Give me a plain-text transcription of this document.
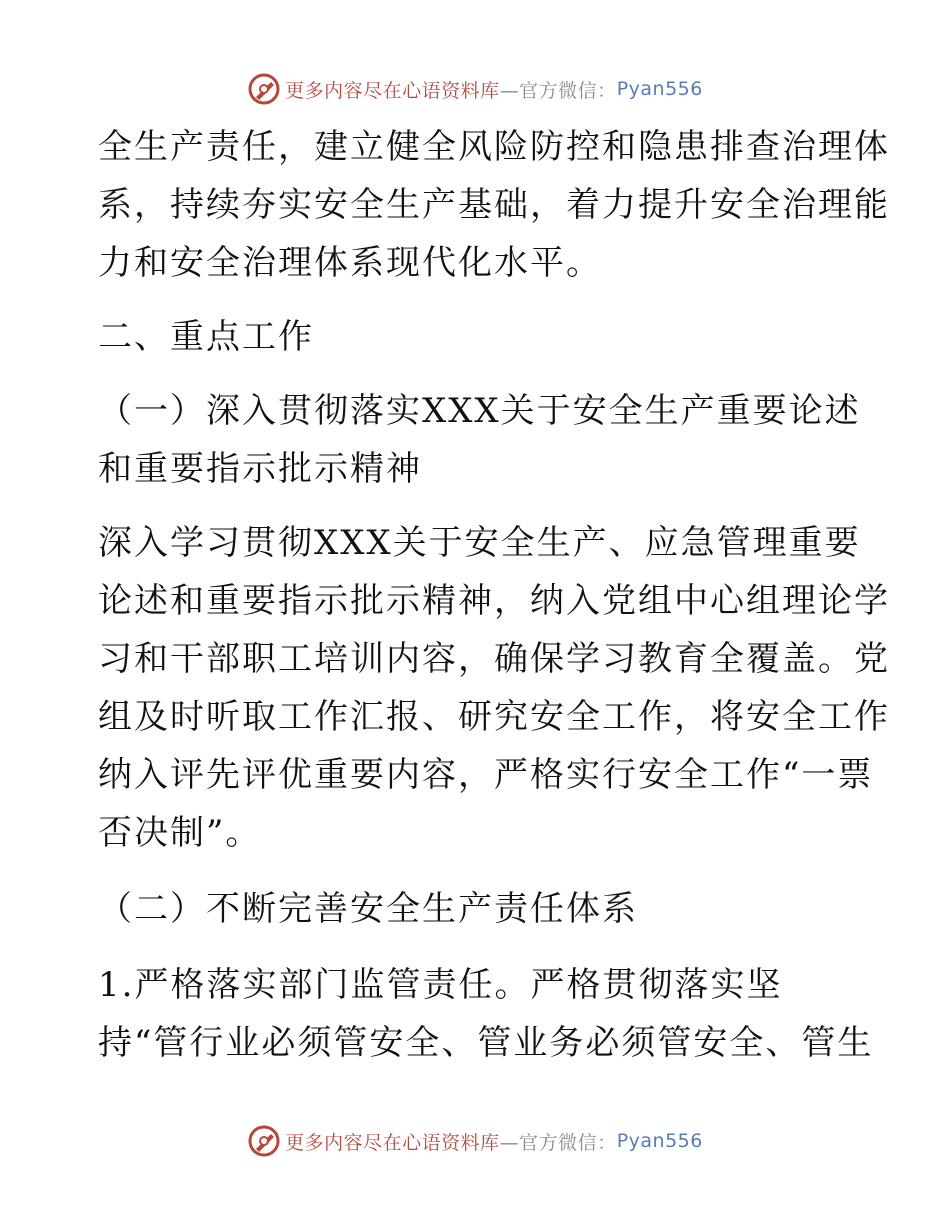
更多内容尽在心语资料库 —官方微信： Pyan556
全生产责任，建立健全风险防控和隐患排查治理体
系，持续夯实安全生产基础，着力提升安全治理能
力和安全治理体系现代化水平。
二、重点工作
（一）深入贯彻落实XXX关于安全生产重要论述
和重要指示批示精神
深入学习贯彻XXX关于安全生产、应急管理重要
论述和重要指示批示精神，纳入党组中心组理论学
习和干部职工培训内容，确保学习教育全覆盖。党
组及时听取工作汇报、研究安全工作，将安全工作
纳入评先评优重要内容，严格实行安全工作“一票
否决制”。
（二）不断完善安全生产责任体系
1.严格落实部门监管责任。严格贯彻落实坚
持“管行业必须管安全、管业务必须管安全、管生
更多内容尽在心语资料库 —官方微信： Pyan556
